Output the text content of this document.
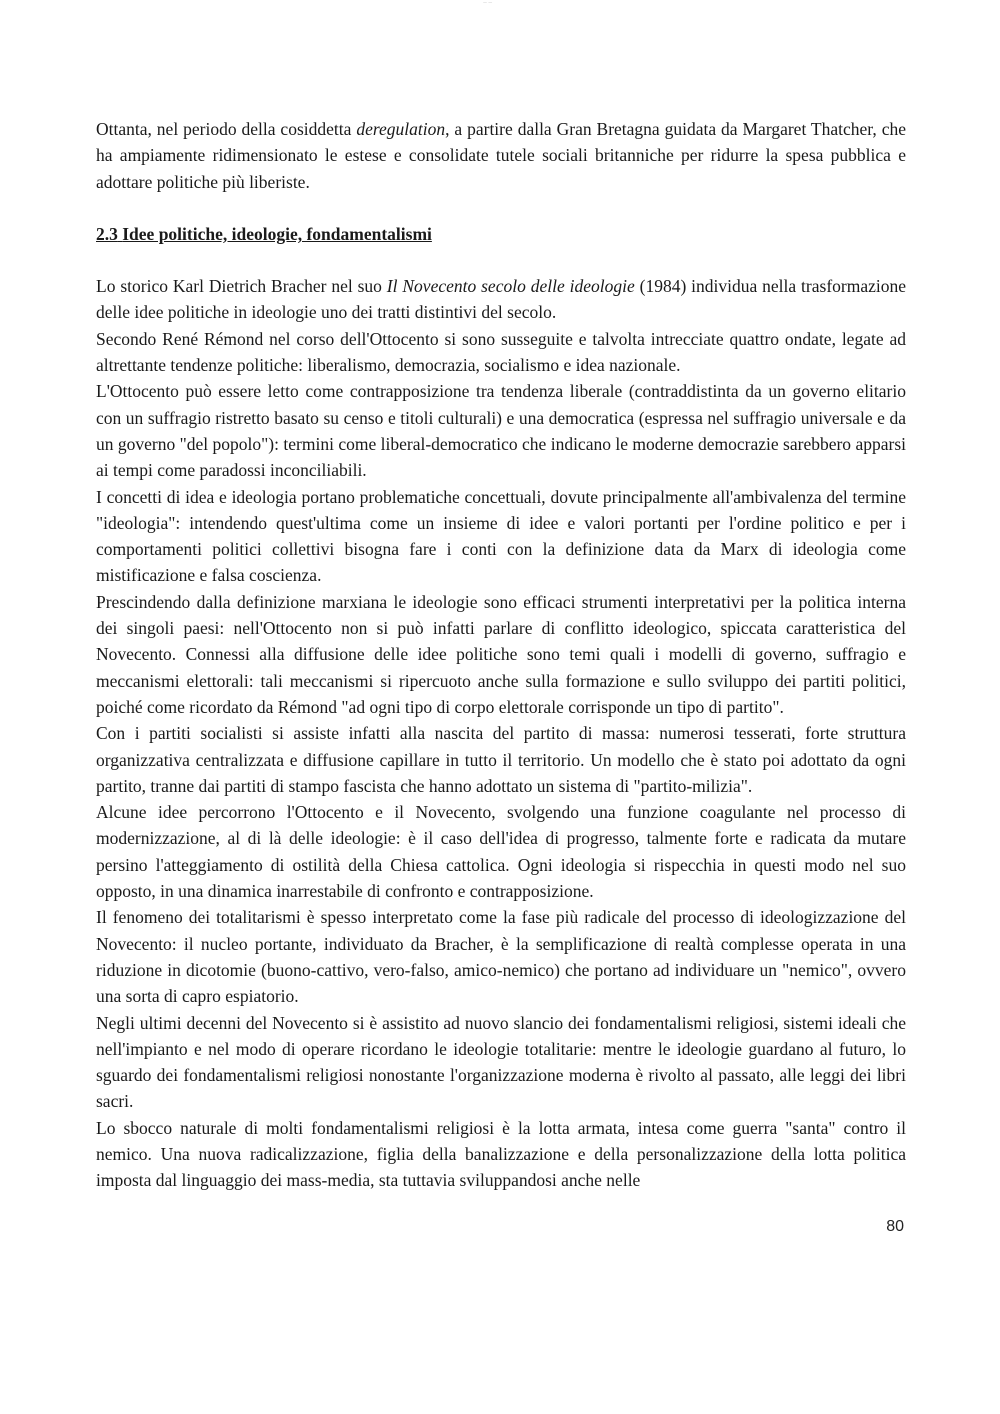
— —

Ottanta, nel periodo della cosiddetta deregulation, a partire dalla Gran Bretagna guidata da Margaret Thatcher, che ha ampiamente ridimensionato le estese e consolidate tutele sociali britanniche per ridurre la spesa pubblica e adottare politiche più liberiste.

2.3 Idee politiche, ideologie, fondamentalismi

Lo storico Karl Dietrich Bracher nel suo Il Novecento secolo delle ideologie (1984) individua nella trasformazione delle idee politiche in ideologie uno dei tratti distintivi del secolo.

Secondo René Rémond nel corso dell'Ottocento si sono susseguite e talvolta intrecciate quattro ondate, legate ad altrettante tendenze politiche: liberalismo, democrazia, socialismo e idea nazionale.

L'Ottocento può essere letto come contrapposizione tra tendenza liberale (contraddistinta da un governo elitario con un suffragio ristretto basato su censo e titoli culturali) e una democratica (espressa nel suffragio universale e da un governo "del popolo"): termini come liberal-democratico che indicano le moderne democrazie sarebbero apparsi ai tempi come paradossi inconciliabili.

I concetti di idea e ideologia portano problematiche concettuali, dovute principalmente all'ambivalenza del termine "ideologia": intendendo quest'ultima come un insieme di idee e valori portanti per l'ordine politico e per i comportamenti politici collettivi bisogna fare i conti con la definizione data da Marx di ideologia come mistificazione e falsa coscienza.

Prescindendo dalla definizione marxiana le ideologie sono efficaci strumenti interpretativi per la politica interna dei singoli paesi: nell'Ottocento non si può infatti parlare di conflitto ideologico, spiccata caratteristica del Novecento. Connessi alla diffusione delle idee politiche sono temi quali i modelli di governo, suffragio e meccanismi elettorali: tali meccanismi si ripercuoto anche sulla formazione e sullo sviluppo dei partiti politici, poiché come ricordato da Rémond "ad ogni tipo di corpo elettorale corrisponde un tipo di partito".

Con i partiti socialisti si assiste infatti alla nascita del partito di massa: numerosi tesserati, forte struttura organizzativa centralizzata e diffusione capillare in tutto il territorio. Un modello che è stato poi adottato da ogni partito, tranne dai partiti di stampo fascista che hanno adottato un sistema di "partito-milizia".

Alcune idee percorrono l'Ottocento e il Novecento, svolgendo una funzione coagulante nel processo di modernizzazione, al di là delle ideologie: è il caso dell'idea di progresso, talmente forte e radicata da mutare persino l'atteggiamento di ostilità della Chiesa cattolica. Ogni ideologia si rispecchia in questi modo nel suo opposto, in una dinamica inarrestabile di confronto e contrapposizione.

Il fenomeno dei totalitarismi è spesso interpretato come la fase più radicale del processo di ideologizzazione del Novecento: il nucleo portante, individuato da Bracher, è la semplificazione di realtà complesse operata in una riduzione in dicotomie (buono-cattivo, vero-falso, amico-nemico) che portano ad individuare un "nemico", ovvero una sorta di capro espiatorio.

Negli ultimi decenni del Novecento si è assistito ad nuovo slancio dei fondamentalismi religiosi, sistemi ideali che nell'impianto e nel modo di operare ricordano le ideologie totalitarie: mentre le ideologie guardano al futuro, lo sguardo dei fondamentalismi religiosi nonostante l'organizzazione moderna è rivolto al passato, alle leggi dei libri sacri.

Lo sbocco naturale di molti fondamentalismi religiosi è la lotta armata, intesa come guerra "santa" contro il nemico. Una nuova radicalizzazione, figlia della banalizzazione e della personalizzazione della lotta politica imposta dal linguaggio dei mass-media, sta tuttavia sviluppandosi anche nelle

80
